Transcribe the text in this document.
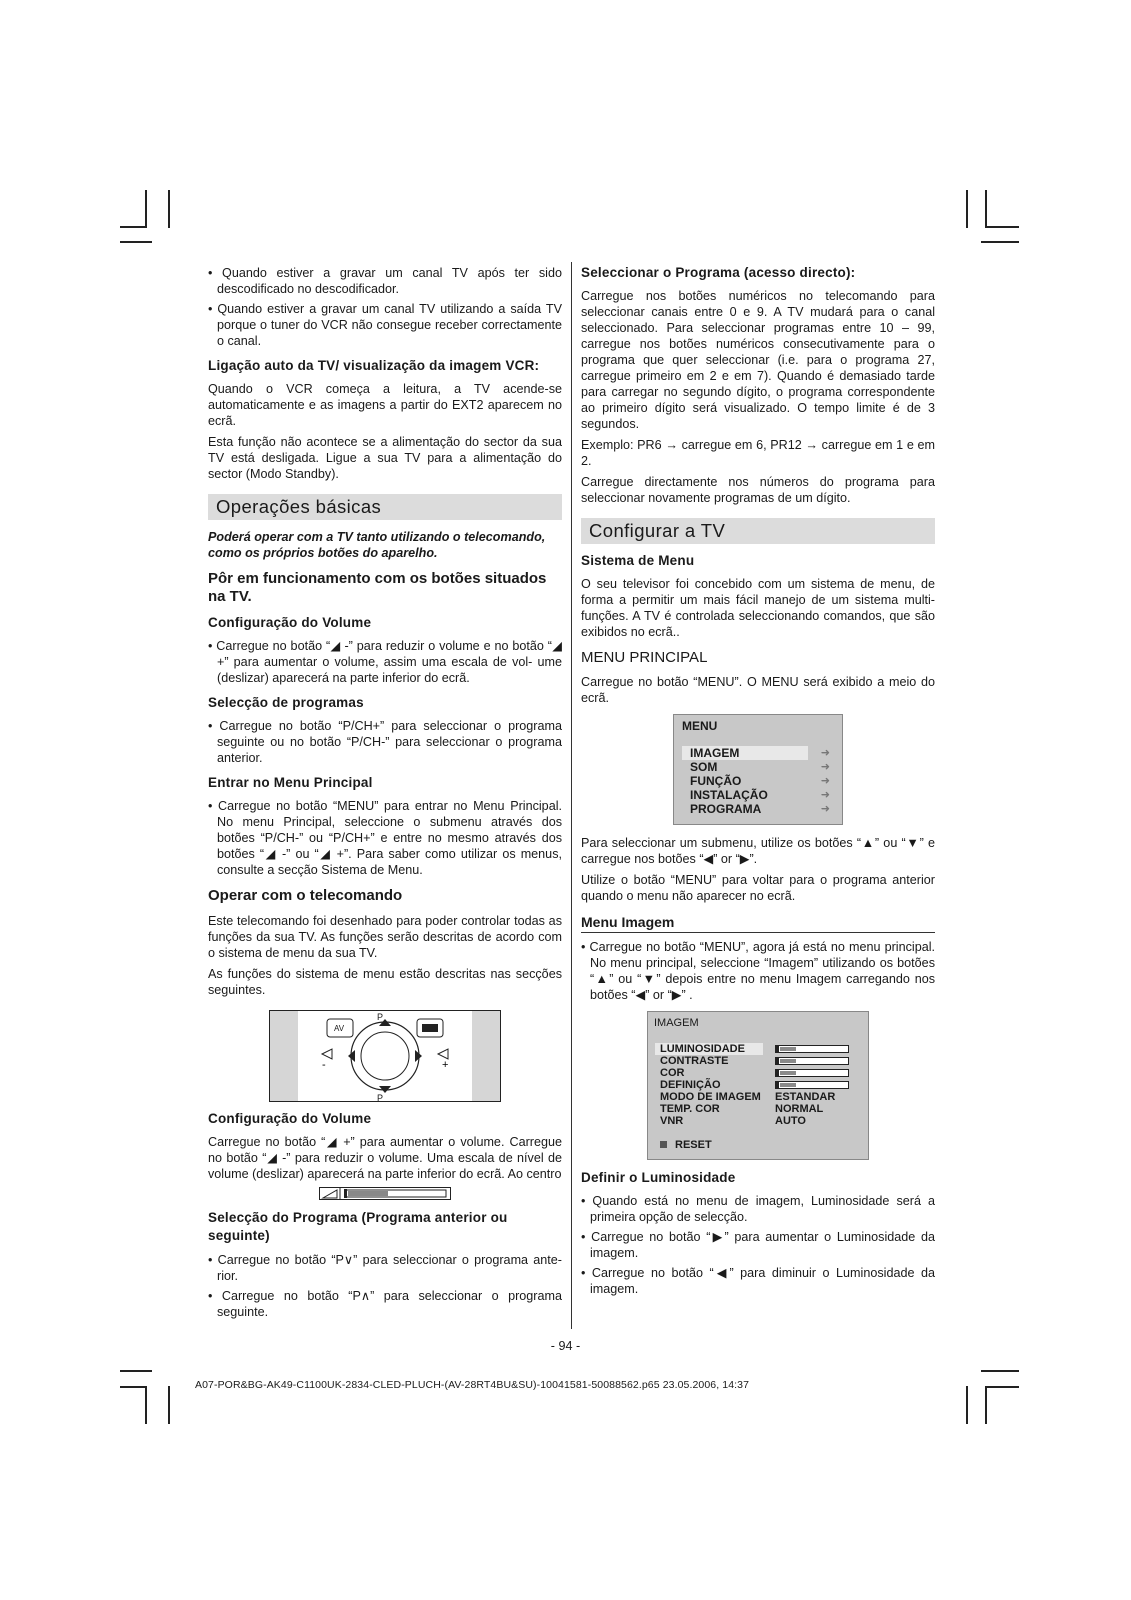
• Quando estiver a gravar um canal TV após ter sido descodificado no descodificador.
• Quando estiver a gravar um canal TV utilizando a saída TV porque o tuner do VCR não consegue receber correctamente o canal.
Ligação auto da TV/ visualização da imagem VCR:

Quando o VCR começa a leitura, a TV acende-se automaticamente e as imagens a partir do EXT2 aparecem no ecrã.

Esta função não acontece se a alimentação do sector da sua TV está desligada. Ligue a sua TV para a alimentação do sector (Modo Standby).

Operações básicas
Poderá operar com a TV tanto utilizando o telecomando, como os próprios botões do aparelho.
Pôr em funcionamento com os botões situados na TV.
Configuração do Volume
• Carregue no botão “◢ -” para reduzir o volume e no botão “◢ +” para aumentar o volume, assim uma escala de vol- ume (deslizar) aparecerá na parte inferior do ecrã.
Selecção de programas
• Carregue no botão “P/CH+” para seleccionar o programa seguinte ou no botão “P/CH-” para seleccionar o programa anterior.
Entrar no Menu Principal
• Carregue no botão “MENU” para entrar no Menu Principal. No menu Principal, seleccione o submenu através dos botões “P/CH-” ou “P/CH+” e entre no mesmo através dos botões “◢ -” ou “◢ +”. Para saber como utilizar os menus, consulte a secção Sistema de Menu.
Operar com o telecomando

Este telecomando foi desenhado para poder controlar todas as funções da sua TV. As funções serão descritas de acordo com o sistema de menu da sua TV.

As funções do sistema de menu estão descritas nas secções seguintes.

+
-
AV
P
P
Configuração do Volume

Carregue no botão “◢ +” para aumentar o volume. Carregue no botão “◢ -” para reduzir o volume. Uma escala de nível de volume (deslizar) aparecerá na parte inferior do ecrã. Ao centro

Selecção do Programa (Programa anterior ou seguinte)
• Carregue no botão “P∨” para seleccionar o programa ante- rior.
• Carregue no botão “P∧” para seleccionar o programa seguinte.
Seleccionar o Programa (acesso directo):

Carregue nos botões numéricos no telecomando para seleccionar canais entre 0 e 9. A TV mudará para o canal seleccionado. Para seleccionar programas entre 10 – 99, carregue nos botões numéricos consecutivamente para o programa que quer seleccionar (i.e. para o programa 27, carregue primeiro em 2 e em 7). Quando é demasiado tarde para carregar no segundo dígito, o programa correspondente ao primeiro dígito será visualizado. O tempo limite é de 3 segundos.

Exemplo: PR6 → carregue em 6, PR12 → carregue em 1 e em 2.

Carregue directamente nos números do programa para seleccionar novamente programas de um dígito.

Configurar a TV
Sistema de Menu

O seu televisor foi concebido com um sistema de menu, de forma a permitir um mais fácil manejo de um sistema multi- funções. A TV é controlada seleccionando comandos, que são exibidos no ecrã..

MENU PRINCIPAL

Carregue no botão “MENU”. O MENU será exibido a meio do ecrã.

MENU
IMAGEM	➜
SOM	➜
FUNÇÃO	➜
INSTALAÇÃO	➜
PROGRAMA	➜

Para seleccionar um submenu, utilize os botões “▲” ou “▼” e carregue nos botões “◀” or “▶”.

Utilize o botão “MENU” para voltar para o programa anterior quando o menu não aparecer no ecrã.

Menu Imagem
• Carregue no botão “MENU”, agora já está no menu principal. No menu principal, seleccione “Imagem” utilizando os botões “▲” ou “▼” depois entre no menu Imagem carregando nos botões “◀” or “▶” .
IMAGEM
LUMINOSIDADE
CONTRASTE
COR
DEFINIÇÃO
MODO DE IMAGEM ESTANDAR
TEMP. COR	NORMAL
VNR	AUTO
RESET
Definir o Luminosidade
• Quando está no menu de imagem, Luminosidade será a primeira opção de selecção.
• Carregue no botão “▶” para aumentar o Luminosidade da imagem.
• Carregue no botão “◀” para diminuir o Luminosidade da imagem.
- 94 -
A07-POR&BG-AK49-C1100UK-2834-CLED-PLUCH-(AV-28RT4BU&SU)-10041581-50088562.p65 23.05.2006, 14:37
